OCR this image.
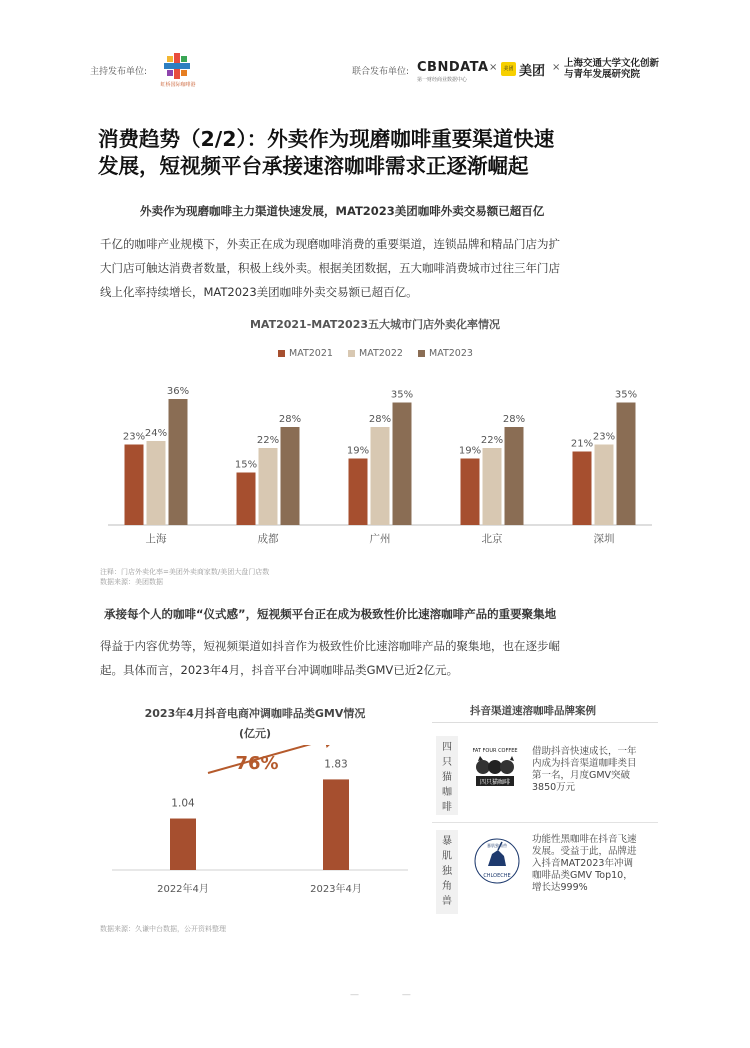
主持发布单位:
虹桥国际咖啡港
联合发布单位: CBNDATA
第一财经商业数据中心
×	美团 美团 × 上海交通大学文化创新
与青年发展研究院
消费趋势（2/2）：外卖作为现磨咖啡重要渠道快速
发展，短视频平台承接速溶咖啡需求正逐渐崛起
外卖作为现磨咖啡主力渠道快速发展，MAT2023美团咖啡外卖交易额已超百亿
千亿的咖啡产业规模下，外卖正在成为现磨咖啡消费的重要渠道，连锁品牌和精品门店为扩
大门店可触达消费者数量，积极上线外卖。根据美团数据，五大咖啡消费城市过往三年门店
线上化率持续增长，MAT2023美团咖啡外卖交易额已超百亿。
MAT2021-MAT2023五大城市门店外卖化率情况
MAT2021	MAT2022	MAT2023
23% 24%
36%
上海
15%
22%
28%
成都
19%
28%
35%
广州
19%
22%
28%
北京
21%
23%
35%
深圳
注释：门店外卖化率=美团外卖商家数/美团大盘门店数
数据来源：美团数据
承接每个人的咖啡“仪式感”，短视频平台正在成为极致性价比速溶咖啡产品的重要聚集地
得益于内容优势等，短视频渠道如抖音作为极致性价比速溶咖啡产品的聚集地，也在逐步崛
起。具体而言，2023年4月，抖音平台冲调咖啡品类GMV已近2亿元。
2023年4月抖音电商冲调咖啡品类GMV情况
(亿元)
1.04
2022年4月
1.83
2023年4月
76%
数据来源：久谦中台数据，公开资料整理
抖音渠道速溶咖啡品牌案例
四
只
猫
咖
啡
FAT FOUR COFFEE
四只猫咖啡
借助抖音快速成长，一年
内成为抖音渠道咖啡类目
第一名，月度GMV突破
3850万元
暴
肌
独
角
兽
CHLOECHE
暴肌独角兽
功能性黑咖啡在抖音飞速
发展。受益于此，品牌进
入抖音MAT2023年冲调
咖啡品类GMV Top10，
增长达999%
— —
